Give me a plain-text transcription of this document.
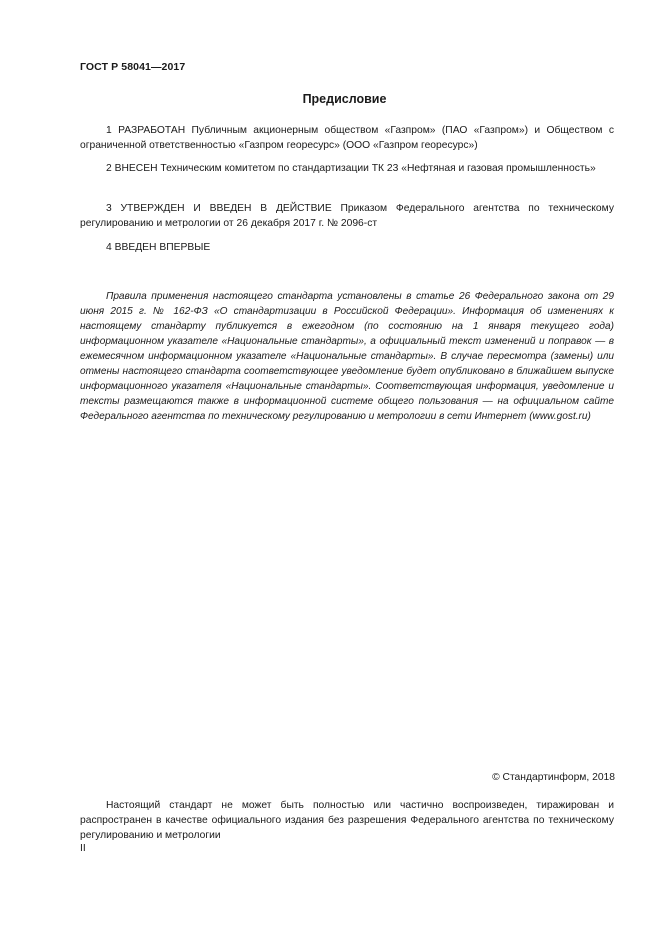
ГОСТ Р 58041—2017
Предисловие

1 РАЗРАБОТАН Публичным акционерным обществом «Газпром» (ПАО «Газпром») и Обществом с ограниченной ответственностью «Газпром георесурс» (ООО «Газпром георесурс»)

2 ВНЕСЕН Техническим комитетом по стандартизации ТК 23 «Нефтяная и газовая промышленность»

3 УТВЕРЖДЕН И ВВЕДЕН В ДЕЙСТВИЕ Приказом Федерального агентства по техническому регулированию и метрологии от 26 декабря 2017 г. № 2096-ст

4 ВВЕДЕН ВПЕРВЫЕ

Правила применения настоящего стандарта установлены в статье 26 Федерального закона от 29 июня 2015 г. № 162-ФЗ «О стандартизации в Российской Федерации». Информация об изменениях к настоящему стандарту публикуется в ежегодном (по состоянию на 1 января текущего года) информационном указателе «Национальные стандарты», а официальный текст изменений и поправок — в ежемесячном информационном указателе «Национальные стандарты». В случае пересмотра (замены) или отмены настоящего стандарта соответствующее уведомление будет опубликовано в ближайшем выпуске информационного указателя «Национальные стандарты». Соответствующая информация, уведомление и тексты размещаются также в информационной системе общего пользования — на официальном сайте Федерального агентства по техническому регулированию и метрологии в сети Интернет (www.gost.ru)

© Стандартинформ, 2018

Настоящий стандарт не может быть полностью или частично воспроизведен, тиражирован и распространен в качестве официального издания без разрешения Федерального агентства по техническому регулированию и метрологии

II
